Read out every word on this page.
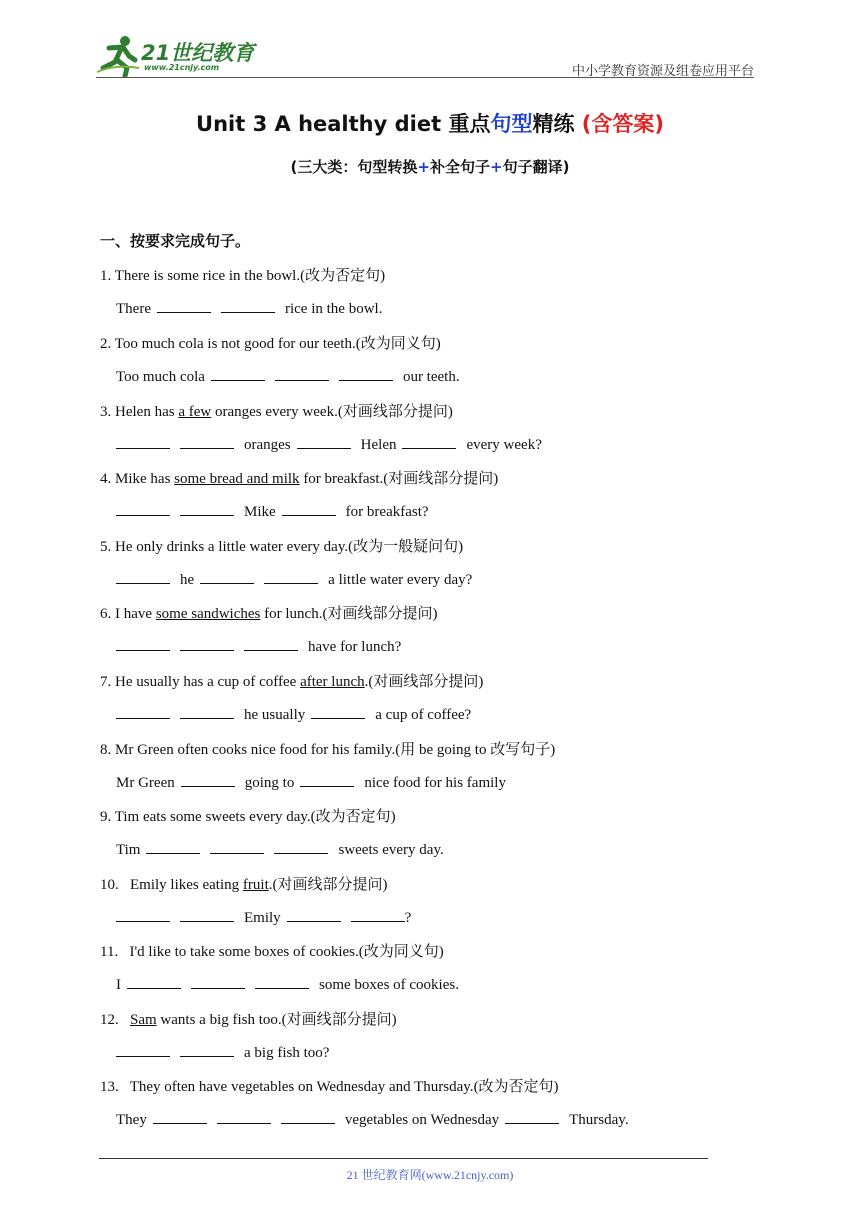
21世纪教育
www.21cnjy.com	中小学教育资源及组卷应用平台
Unit 3 A healthy diet 重点句型精练 (含答案)
(三大类：句型转换+补全句子+句子翻译)
一、按要求完成句子。
1. There is some rice in the bowl.(改为否定句)
There	rice in the bowl.
2. Too much cola is not good for our teeth.(改为同义句)
Too much cola	our teeth.
3. Helen has a few oranges every week.(对画线部分提问)
oranges	Helen	every week?
4. Mike has some bread and milk for breakfast.(对画线部分提问)
Mike	for breakfast?
5. He only drinks a little water every day.(改为一般疑问句)
he	a little water every day?
6. I have some sandwiches for lunch.(对画线部分提问)
have for lunch?
7. He usually has a cup of coffee after lunch.(对画线部分提问)
he usually	a cup of coffee?
8. Mr Green often cooks nice food for his family.(用 be going to 改写句子)
Mr Green	going to	nice food for his family
9. Tim eats some sweets every day.(改为否定句)
Tim	sweets every day.
10. Emily likes eating fruit.(对画线部分提问)
Emily	?
11. I'd like to take some boxes of cookies.(改为同义句)
I	some boxes of cookies.
12. Sam wants a big fish too.(对画线部分提问)
a big fish too?
13. They often have vegetables on Wednesday and Thursday.(改为否定句)
They	vegetables on Wednesday	Thursday.
21 世纪教育网(www.21cnjy.com)
